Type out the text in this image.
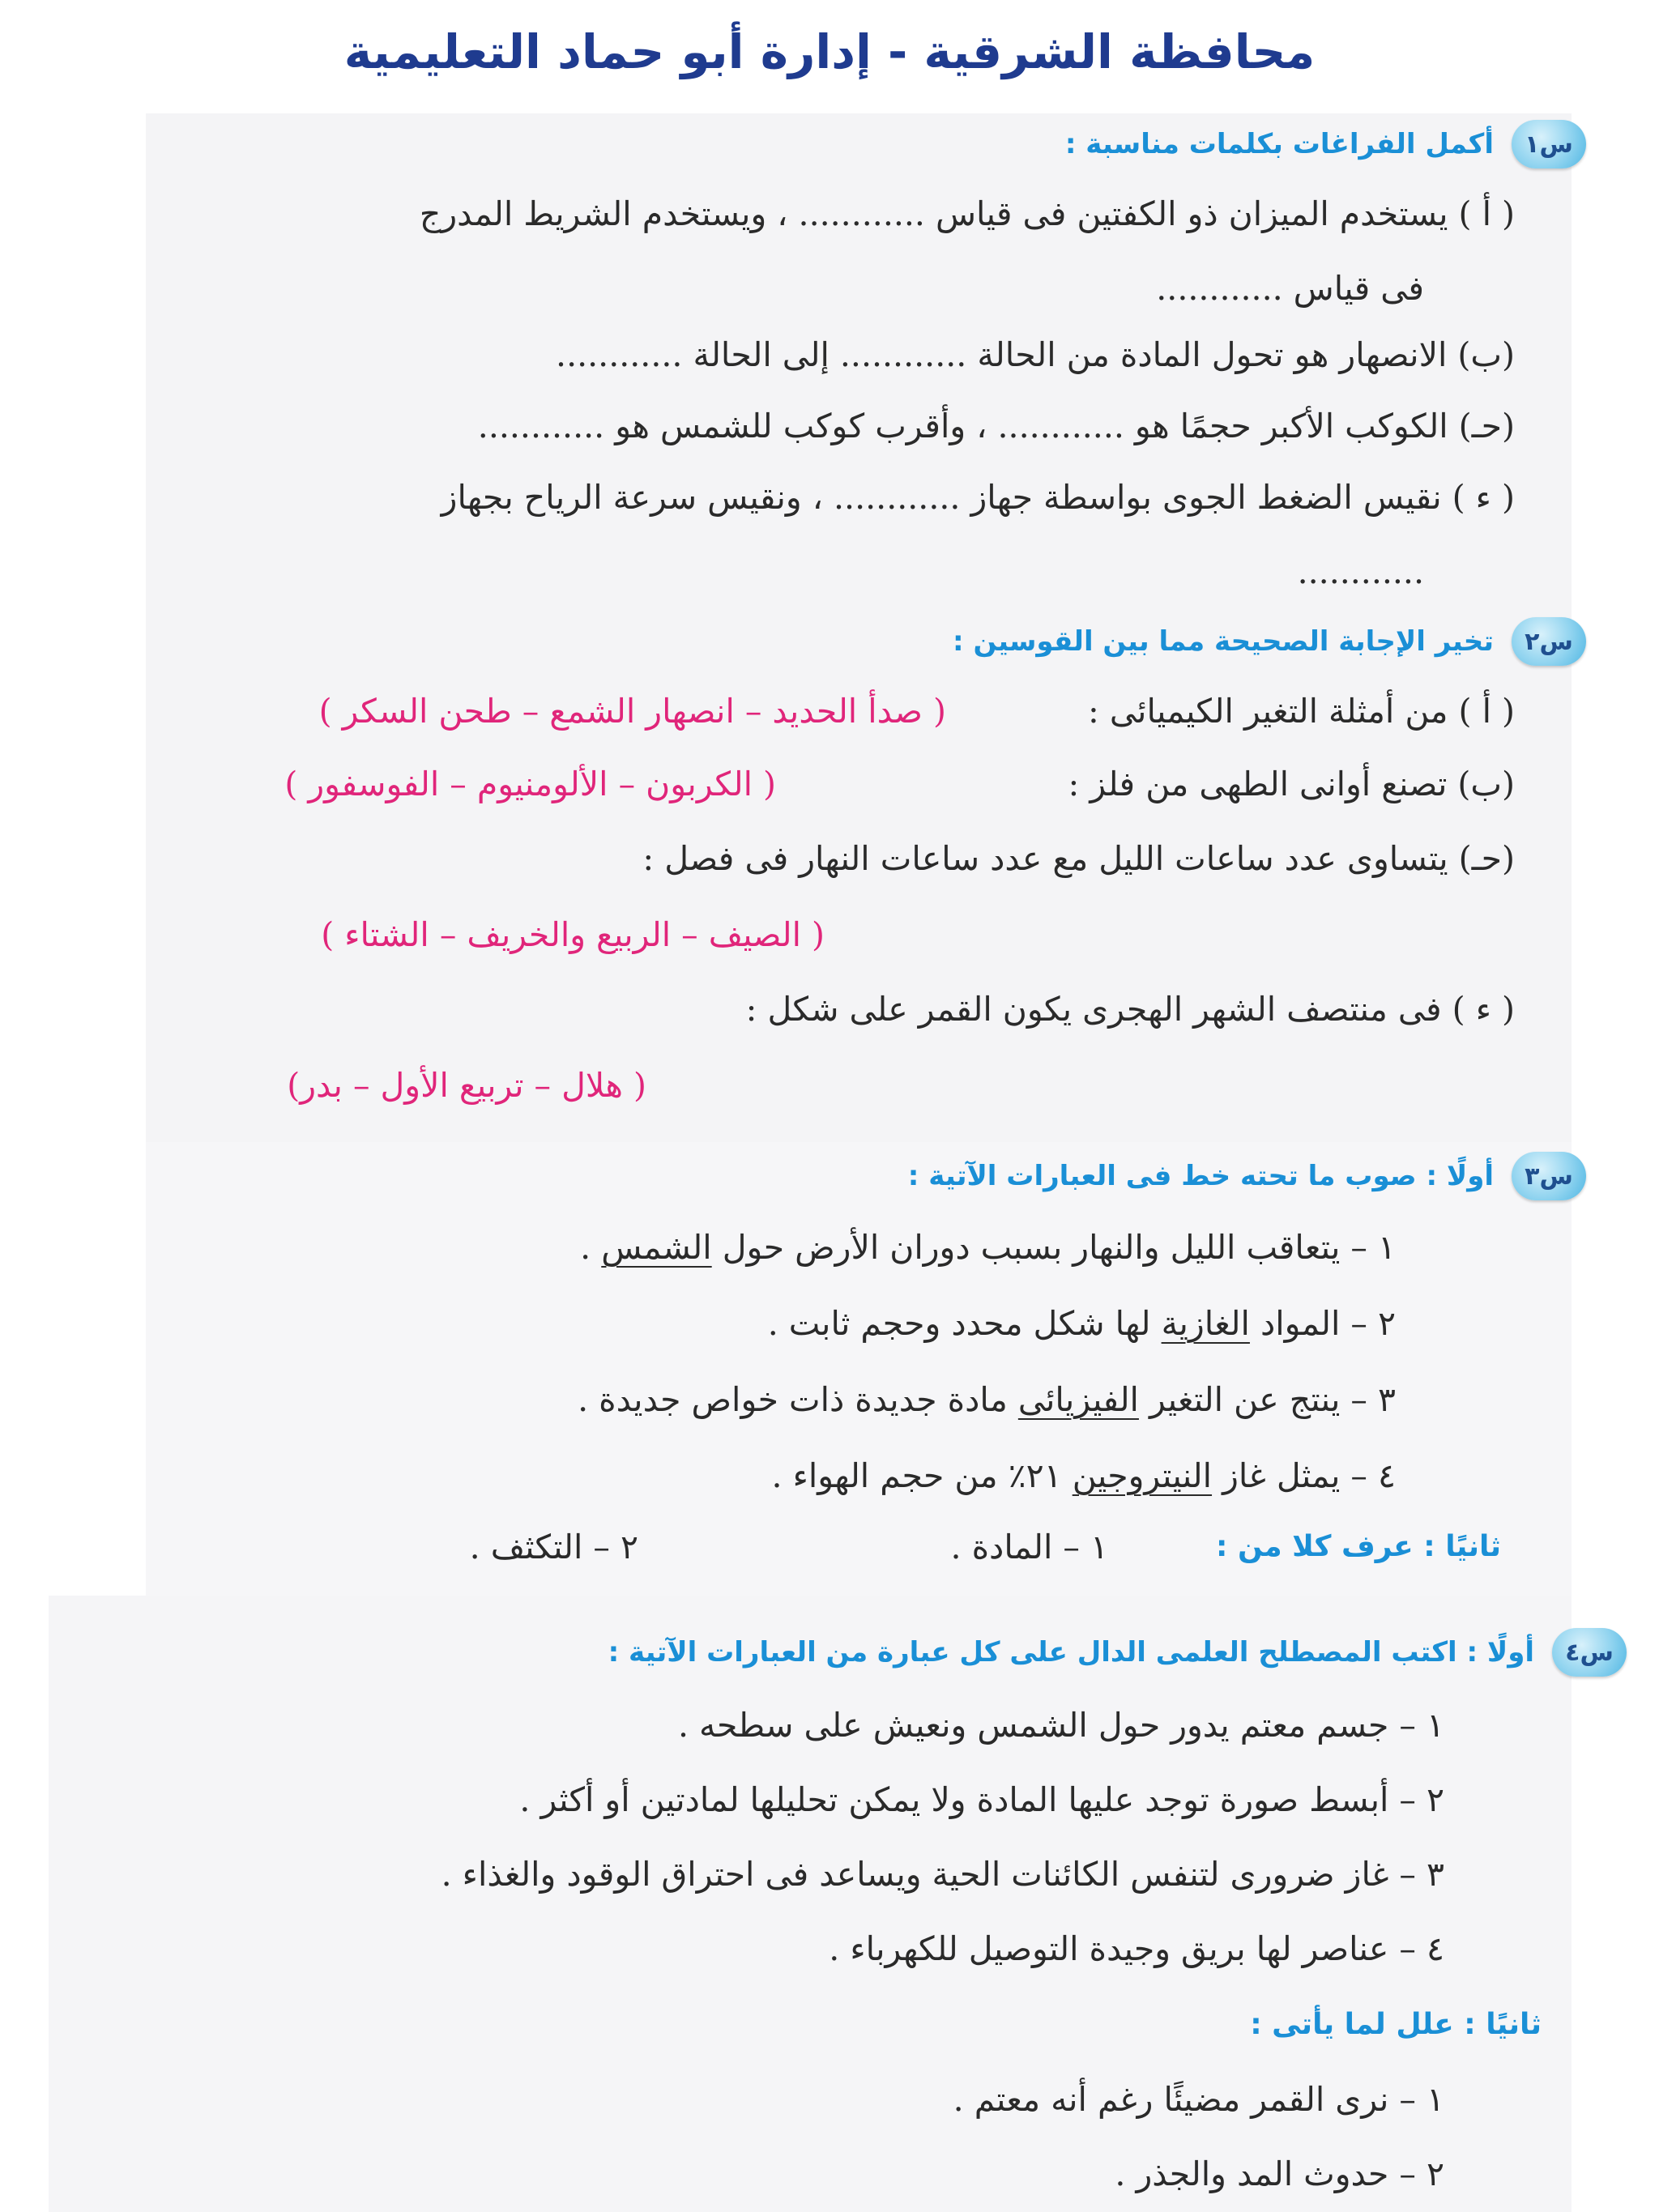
محافظة الشرقية - إدارة أبو حماد التعليمية
س١
أكمل الفراغات بكلمات مناسبة :
( أ ) يستخدم الميزان ذو الكفتين فى قياس ............ ، ويستخدم الشريط المدرج
فى قياس ............
(ب) الانصهار هو تحول المادة من الحالة ............ إلى الحالة ............
(حـ) الكوكب الأكبر حجمًا هو ............ ، وأقرب كوكب للشمس هو ............
( ء ) نقيس الضغط الجوى بواسطة جهاز ............ ، ونقيس سرعة الرياح بجهاز
............
س٢
تخير الإجابة الصحيحة مما بين القوسين :
( أ ) من أمثلة التغير الكيميائى :
( صدأ الحديد – انصهار الشمع – طحن السكر )
(ب) تصنع أوانى الطهى من فلز :
( الكربون – الألومنيوم – الفوسفور )
(حـ) يتساوى عدد ساعات الليل مع عدد ساعات النهار فى فصل :
( الصيف – الربيع والخريف – الشتاء )
( ء ) فى منتصف الشهر الهجرى يكون القمر على شكل :
( هلال – تربيع الأول – بدر)
س٣
أولًا : صوب ما تحته خط فى العبارات الآتية :
١ – يتعاقب الليل والنهار بسبب دوران الأرض حول الشمس .
٢ – المواد الغازية لها شكل محدد وحجم ثابت .
٣ – ينتج عن التغير الفيزيائى مادة جديدة ذات خواص جديدة .
٤ – يمثل غاز النيتروجين ٢١٪ من حجم الهواء .
ثانيًا : عرف كلا من :
١ – المادة .
٢ – التكثف .
س٤
أولًا : اكتب المصطلح العلمى الدال على كل عبارة من العبارات الآتية :
١ – جسم معتم يدور حول الشمس ونعيش على سطحه .
٢ – أبسط صورة توجد عليها المادة ولا يمكن تحليلها لمادتين أو أكثر .
٣ – غاز ضرورى لتنفس الكائنات الحية ويساعد فى احتراق الوقود والغذاء .
٤ – عناصر لها بريق وجيدة التوصيل للكهرباء .
ثانيًا : علل لما يأتى :
١ – نرى القمر مضيئًا رغم أنه معتم .
٢ – حدوث المد والجذر .
